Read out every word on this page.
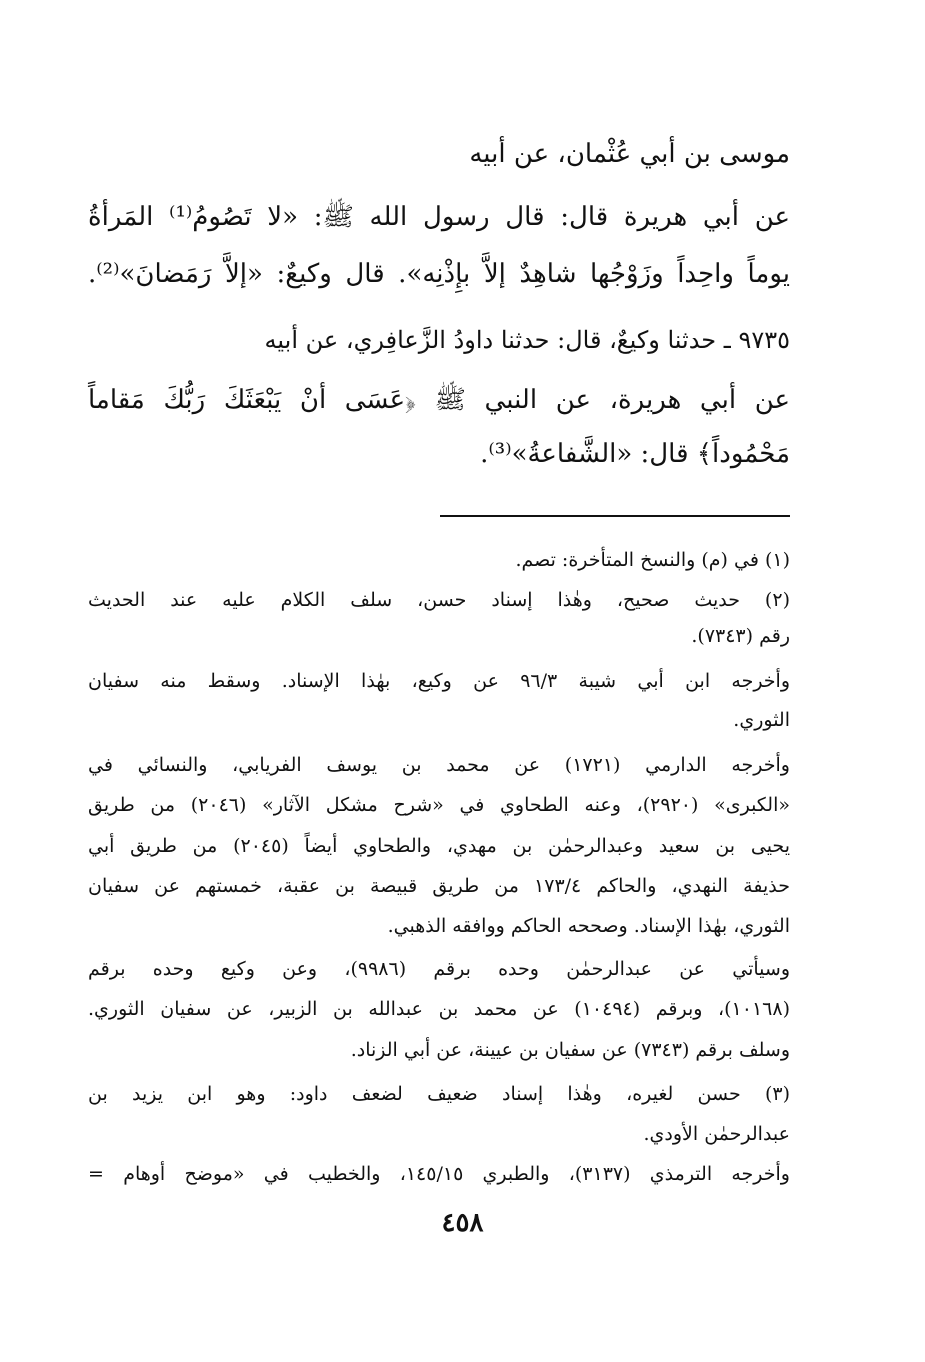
موسى بن أبي عُثْمان، عن أبيه
عن أبي هريرة قال: قال رسول الله ﷺ: «لا تَصُومُ⁽¹⁾ المَرأةُ
يوماً واحِداً وزَوْجُها شاهِدٌ إلاَّ بإِذْنِه». قال وكيعٌ: «إلاَّ رَمَضانَ»⁽²⁾.
٩٧٣٥ ـ حدثنا وكيعٌ، قال: حدثنا داودُ الزَّعافِري، عن أبيه
عن أبي هريرة، عن النبي ﷺ ﴿عَسَى أنْ يَبْعَثَكَ رَبُّكَ مَقاماً
مَحْمُوداً﴾ قال: «الشَّفاعةُ»⁽³⁾.
(١) في (م) والنسخ المتأخرة: تصم.
(٢) حديث صحيح، وهٰذا إسناد حسن، سلف الكلام عليه عند الحديث
رقم (٧٣٤٣).
وأخرجه ابن أبي شيبة ٩٦/٣ عن وكيع، بهٰذا الإسناد. وسقط منه سفيان
الثوري.
وأخرجه الدارمي (١٧٢١) عن محمد بن يوسف الفريابي، والنسائي في
«الكبرى» (٢٩٢٠)، وعنه الطحاوي في «شرح مشكل الآثار» (٢٠٤٦) من طريق
يحيى بن سعيد وعبدالرحمٰن بن مهدي، والطحاوي أيضاً (٢٠٤٥) من طريق أبي
حذيفة النهدي، والحاكم ١٧٣/٤ من طريق قبيصة بن عقبة، خمستهم عن سفيان
الثوري، بهٰذا الإسناد. وصححه الحاكم ووافقه الذهبي.
وسيأتي عن عبدالرحمٰن وحده برقم (٩٩٨٦)، وعن وكيع وحده برقم
(١٠١٦٨)، وبرقم (١٠٤٩٤) عن محمد بن عبدالله بن الزبير، عن سفيان الثوري.
وسلف برقم (٧٣٤٣) عن سفيان بن عيينة، عن أبي الزناد.
(٣) حسن لغيره، وهٰذا إسناد ضعيف لضعف داود: وهو ابن يزيد بن
عبدالرحمٰن الأودي.
وأخرجه الترمذي (٣١٣٧)، والطبري ١٤٥/١٥، والخطيب في «موضح أوهام =
٤٥٨
